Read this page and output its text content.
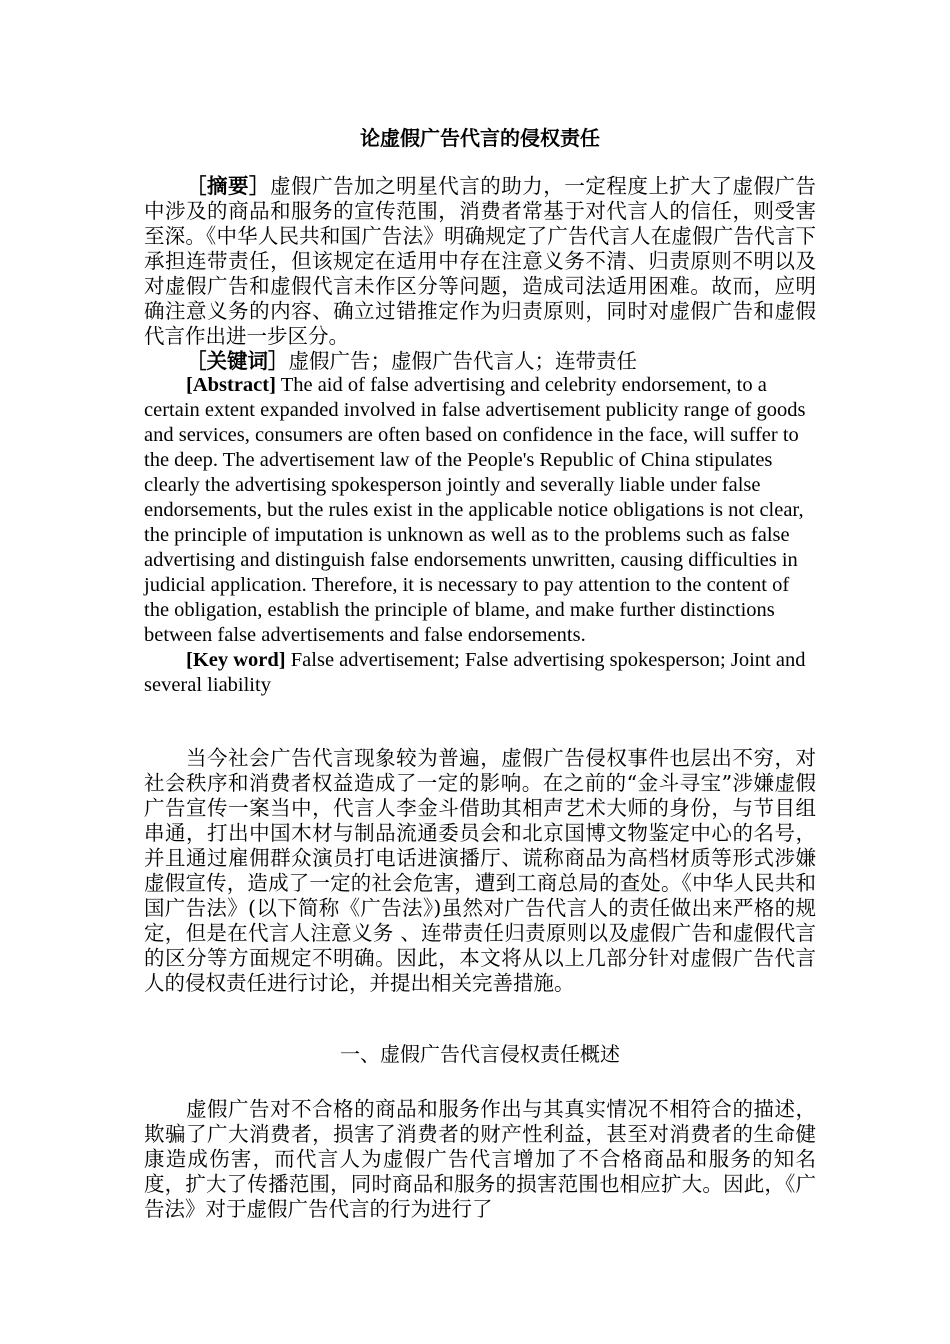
论虚假广告代言的侵权责任

［摘要］虚假广告加之明星代言的助力，一定程度上扩大了虚假广告中涉及的商品和服务的宣传范围，消费者常基于对代言人的信任，则受害至深。《中华人民共和国广告法》明确规定了广告代言人在虚假广告代言下承担连带责任，但该规定在适用中存在注意义务不清、归责原则不明以及对虚假广告和虚假代言未作区分等问题，造成司法适用困难。故而，应明确注意义务的内容、确立过错推定作为归责原则，同时对虚假广告和虚假代言作出进一步区分。

［关键词］虚假广告；虚假广告代言人；连带责任

[Abstract] The aid of false advertising and celebrity endorsement, to a certain extent expanded involved in false advertisement publicity range of goods and services, consumers are often based on confidence in the face, will suffer to the deep. The advertisement law of the People's Republic of China stipulates clearly the advertising spokesperson jointly and severally liable under false endorsements, but the rules exist in the applicable notice obligations is not clear, the principle of imputation is unknown as well as to the problems such as false advertising and distinguish false endorsements unwritten, causing difficulties in judicial application. Therefore, it is necessary to pay attention to the content of the obligation, establish the principle of blame, and make further distinctions between false advertisements and false endorsements.

[Key word] False advertisement; False advertising spokesperson; Joint and several liability

当今社会广告代言现象较为普遍，虚假广告侵权事件也层出不穷，对社会秩序和消费者权益造成了一定的影响。在之前的“金斗寻宝”涉嫌虚假广告宣传一案当中，代言人李金斗借助其相声艺术大师的身份，与节目组串通，打出中国木材与制品流通委员会和北京国博文物鉴定中心的名号，并且通过雇佣群众演员打电话进演播厅、谎称商品为高档材质等形式涉嫌虚假宣传，造成了一定的社会危害，遭到工商总局的查处。《中华人民共和国广告法》(以下简称《广告法》)虽然对广告代言人的责任做出来严格的规定，但是在代言人注意义务 、连带责任归责原则以及虚假广告和虚假代言的区分等方面规定不明确。因此，本文将从以上几部分针对虚假广告代言人的侵权责任进行讨论，并提出相关完善措施。

一、虚假广告代言侵权责任概述

虚假广告对不合格的商品和服务作出与其真实情况不相符合的描述，欺骗了广大消费者，损害了消费者的财产性利益，甚至对消费者的生命健康造成伤害，而代言人为虚假广告代言增加了不合格商品和服务的知名度，扩大了传播范围，同时商品和服务的损害范围也相应扩大。因此，《广告法》对于虚假广告代言的行为进行了
